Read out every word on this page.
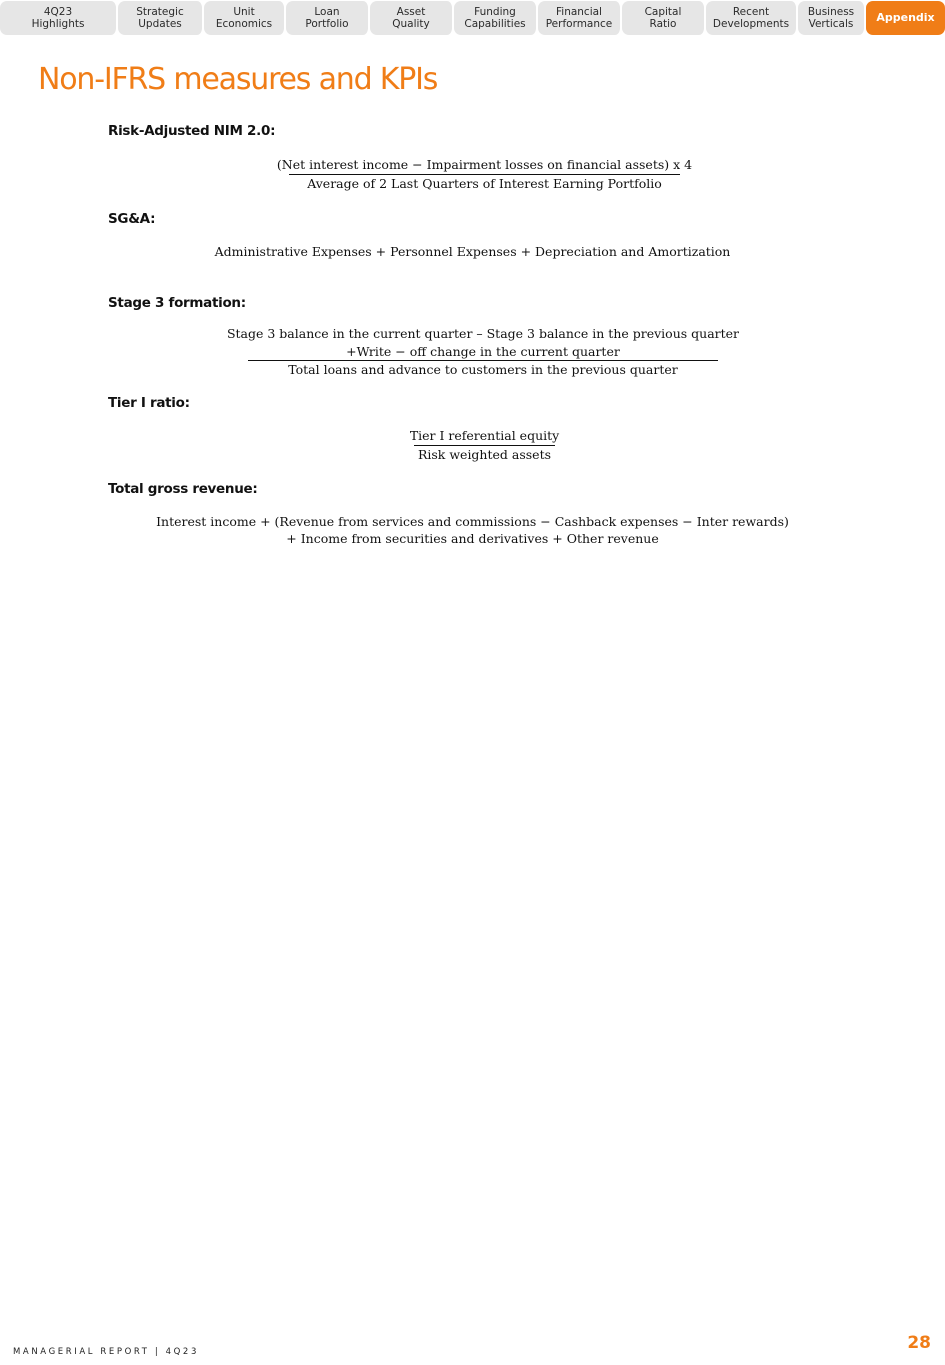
4Q23
Highlights
Strategic
Updates
Unit
Economics
Loan
Portfolio
Asset
Quality
Funding
Capabilities
Financial
Performance
Capital
Ratio
Recent
Developments
Business
Verticals	Appendix
Non-IFRS measures and KPIs
Risk-Adjusted NIM 2.0:
(Net interest income − Impairment losses on financial assets) x 4
Average of 2 Last Quarters of Interest Earning Portfolio
SG&A:
Administrative Expenses + Personnel Expenses + Depreciation and Amortization
Stage 3 formation:
Stage 3 balance in the current quarter – Stage 3 balance in the previous quarter
+Write − off change in the current quarter
Total loans and advance to customers in the previous quarter
Tier I ratio:
Tier I referential equity
Risk weighted assets
Total gross revenue:
Interest income + (Revenue from services and commissions − Cashback expenses − Inter rewards)
+ Income from securities and derivatives + Other revenue
MANAGERIAL REPORT | 4Q23	28
